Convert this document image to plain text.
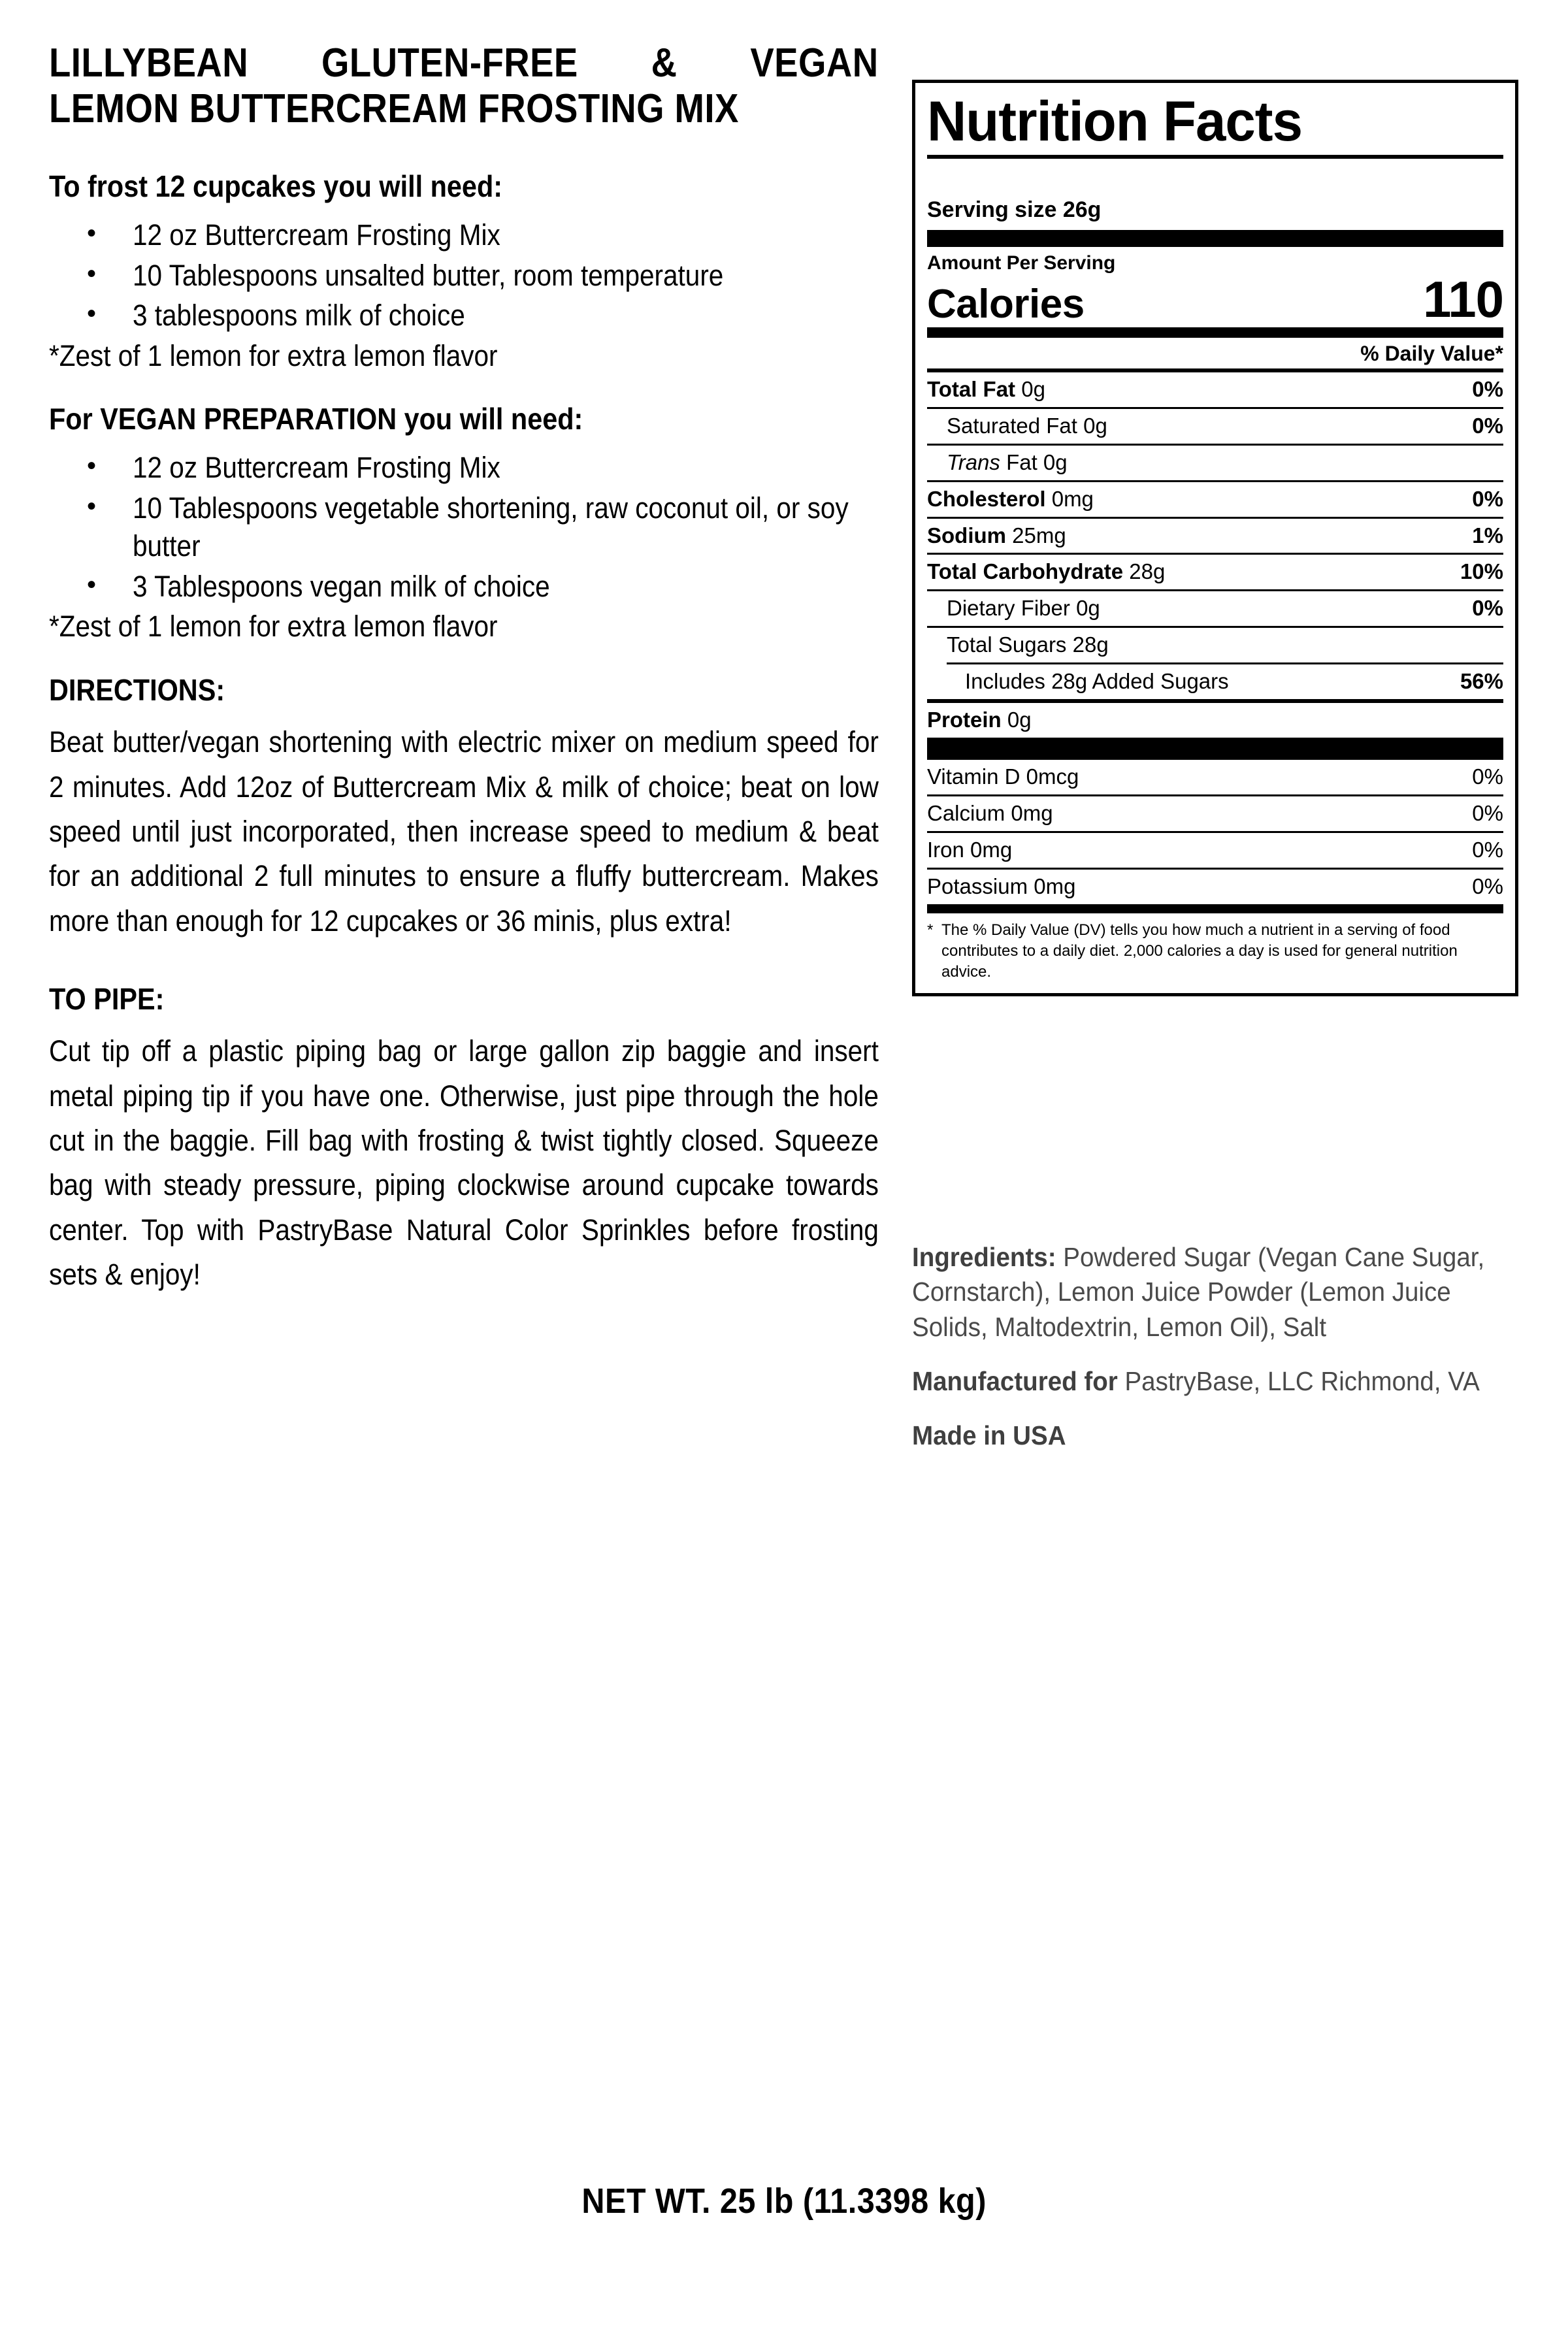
LILLYBEAN GLUTEN-FREE & VEGAN
LEMON BUTTERCREAM FROSTING MIX
To frost 12 cupcakes you will need:
• 12 oz Buttercream Frosting Mix
• 10 Tablespoons unsalted butter, room temperature
• 3 tablespoons milk of choice
*Zest of 1 lemon for extra lemon flavor
For VEGAN PREPARATION you will need:
• 12 oz Buttercream Frosting Mix
• 10 Tablespoons vegetable shortening, raw coconut oil, or soy butter
• 3 Tablespoons vegan milk of choice
*Zest of 1 lemon for extra lemon flavor
DIRECTIONS:
Beat butter/vegan shortening with electric mixer on medium speed for 2 minutes. Add 12oz of Buttercream Mix & milk of choice; beat on low speed until just incorporated, then increase speed to medium & beat for an additional 2 full minutes to ensure a fluffy buttercream. Makes more than enough for 12 cupcakes or 36 minis, plus extra!
TO PIPE:
Cut tip off a plastic piping bag or large gallon zip baggie and insert metal piping tip if you have one. Otherwise, just pipe through the hole cut in the baggie. Fill bag with frosting & twist tightly closed. Squeeze bag with steady pressure, piping clockwise around cupcake towards center. Top with PastryBase Natural Color Sprinkles before frosting sets & enjoy!
Nutrition Facts
Serving size 26g
Amount Per Serving
Calories	110
% Daily Value*
Total Fat 0g	0%
Saturated Fat 0g	0%
Trans Fat 0g
Cholesterol 0mg	0%
Sodium 25mg	1%
Total Carbohydrate 28g	10%
Dietary Fiber 0g	0%
Total Sugars 28g
Includes 28g Added Sugars	56%
Protein 0g
Vitamin D 0mcg	0%
Calcium 0mg	0%
Iron 0mg	0%
Potassium 0mg	0%
* The % Daily Value (DV) tells you how much a nutrient in a serving of food contributes to a daily diet. 2,000 calories a day is used for general nutrition advice.

Ingredients: Powdered Sugar (Vegan Cane Sugar, Cornstarch), Lemon Juice Powder (Lemon Juice Solids, Maltodextrin, Lemon Oil), Salt

Manufactured for PastryBase, LLC Richmond, VA

Made in USA

NET WT. 25 lb (11.3398 kg)
